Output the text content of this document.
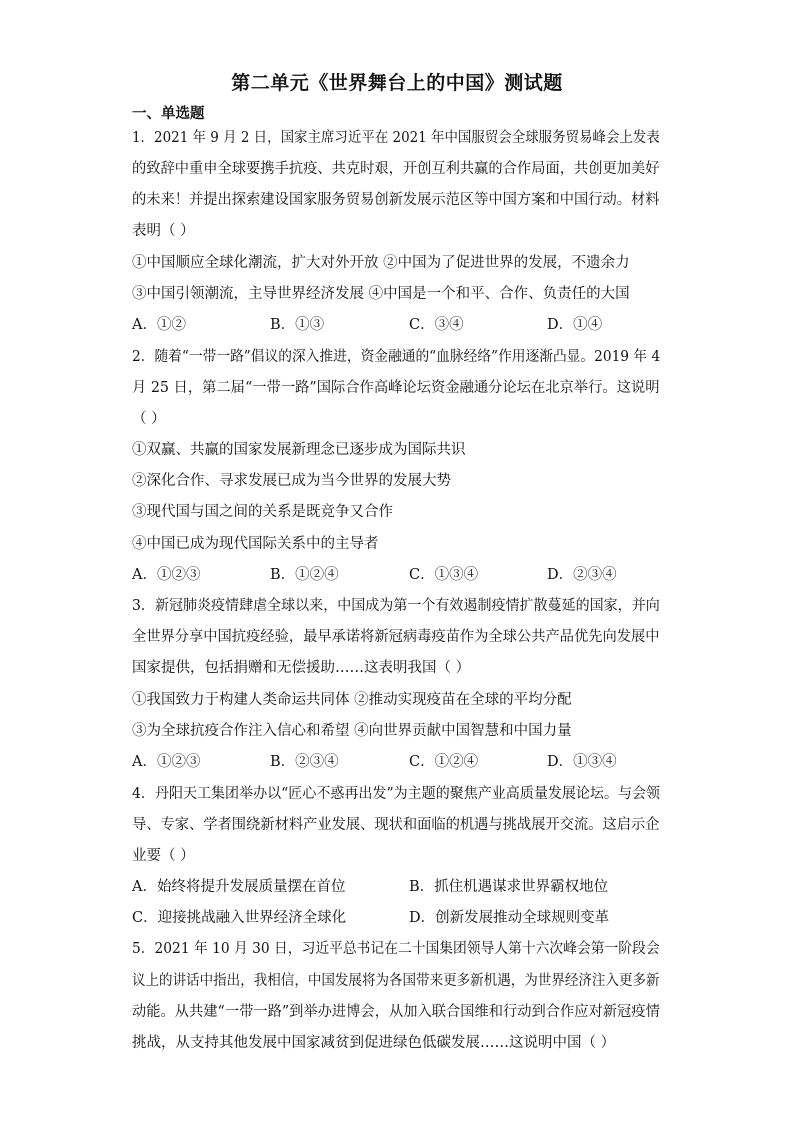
第二单元《世界舞台上的中国》测试题
一、单选题
1．2021 年 9 月 2 日，国家主席习近平在 2021 年中国服贸会全球服务贸易峰会上发表
的致辞中重申全球要携手抗疫、共克时艰，开创互利共赢的合作局面，共创更加美好
的未来！并提出探索建设国家服务贸易创新发展示范区等中国方案和中国行动。材料
表明（ ）
①中国顺应全球化潮流，扩大对外开放 ②中国为了促进世界的发展，不遗余力
③中国引领潮流，主导世界经济发展 ④中国是一个和平、合作、负责任的大国
A．①②	B．①③	C．③④	D．①④
2．随着“一带一路”倡议的深入推进，资金融通的“血脉经络”作用逐渐凸显。2019 年 4
月 25 日，第二届“一带一路”国际合作高峰论坛资金融通分论坛在北京举行。这说明
（ ）
①双赢、共赢的国家发展新理念已逐步成为国际共识
②深化合作、寻求发展已成为当今世界的发展大势
③现代国与国之间的关系是既竞争又合作
④中国已成为现代国际关系中的主导者
A．①②③	B．①②④	C．①③④	D．②③④
3．新冠肺炎疫情肆虐全球以来，中国成为第一个有效遏制疫情扩散蔓延的国家，并向
全世界分享中国抗疫经验，最早承诺将新冠病毒疫苗作为全球公共产品优先向发展中
国家提供，包括捐赠和无偿援助……这表明我国（ ）
①我国致力于构建人类命运共同体 ②推动实现疫苗在全球的平均分配
③为全球抗疫合作注入信心和希望 ④向世界贡献中国智慧和中国力量
A．①②③	B．②③④	C．①②④	D．①③④
4．丹阳天工集团举办以“匠心不惑再出发”为主题的聚焦产业高质量发展论坛。与会领
导、专家、学者围绕新材料产业发展、现状和面临的机遇与挑战展开交流。这启示企
业要（ ）
A．始终将提升发展质量摆在首位	B．抓住机遇谋求世界霸权地位
C．迎接挑战融入世界经济全球化	D．创新发展推动全球规则变革
5．2021 年 10 月 30 日，习近平总书记在二十国集团领导人第十六次峰会第一阶段会
议上的讲话中指出，我相信，中国发展将为各国带来更多新机遇，为世界经济注入更多新
动能。从共建“一带一路”到举办进博会，从加入联合国维和行动到合作应对新冠疫情
挑战，从支持其他发展中国家减贫到促进绿色低碳发展……这说明中国（ ）
